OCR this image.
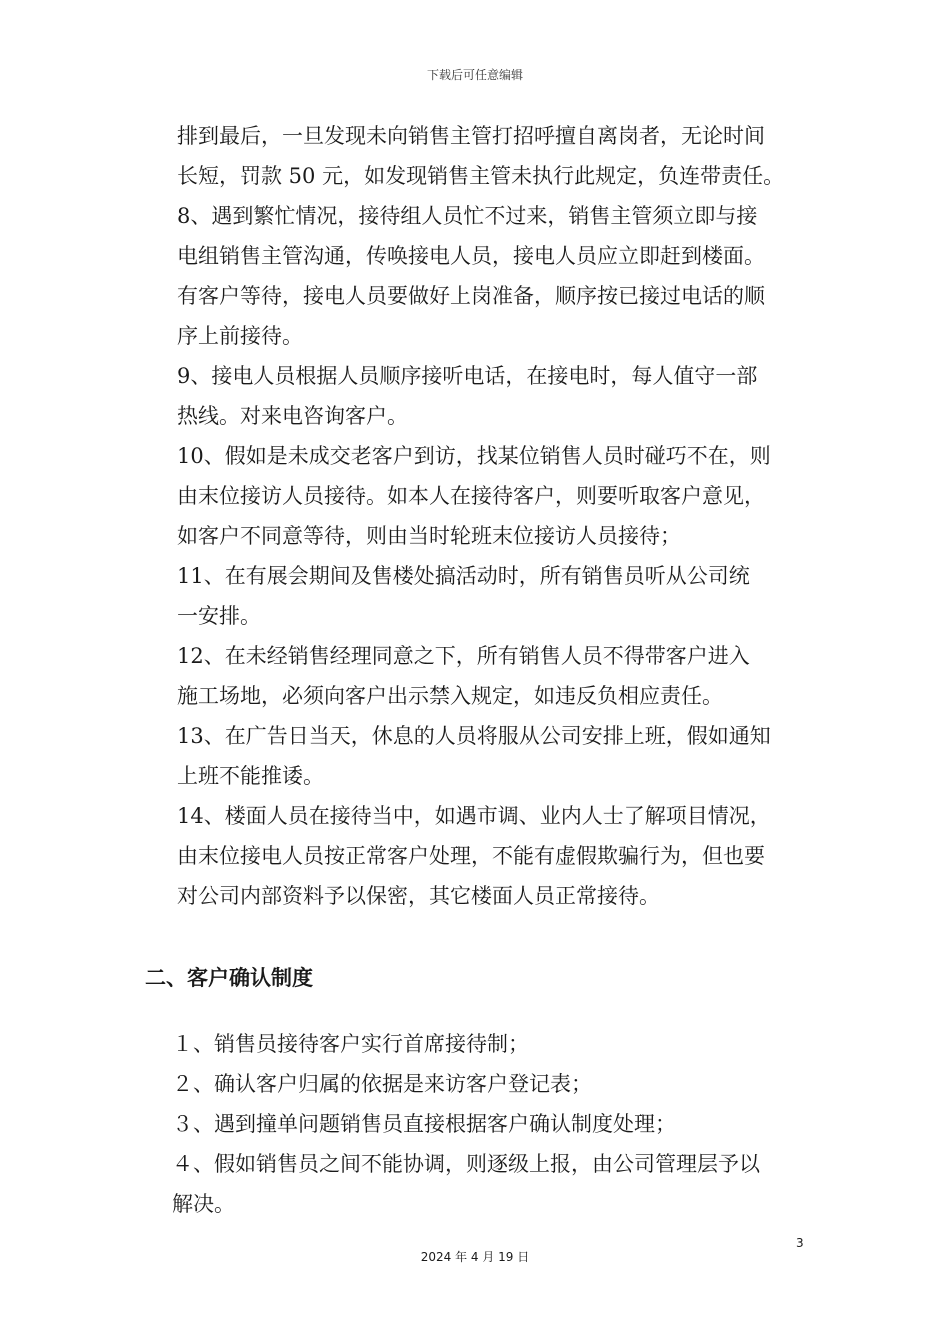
下载后可任意编辑

排到最后，一旦发现未向销售主管打招呼擅自离岗者，无论时间
长短，罚款 50 元，如发现销售主管未执行此规定，负连带责任。

8、遇到繁忙情况，接待组人员忙不过来，销售主管须立即与接
电组销售主管沟通，传唤接电人员，接电人员应立即赶到楼面。
有客户等待，接电人员要做好上岗准备，顺序按已接过电话的顺
序上前接待。

9、接电人员根据人员顺序接听电话，在接电时，每人值守一部
热线。对来电咨询客户。

10、假如是未成交老客户到访，找某位销售人员时碰巧不在，则
由末位接访人员接待。如本人在接待客户，则要听取客户意见，
如客户不同意等待，则由当时轮班末位接访人员接待；

11、在有展会期间及售楼处搞活动时，所有销售员听从公司统
一安排。

12、在未经销售经理同意之下，所有销售人员不得带客户进入
施工场地，必须向客户出示禁入规定，如违反负相应责任。

13、在广告日当天，休息的人员将服从公司安排上班，假如通知
上班不能推诿。

14、楼面人员在接待当中，如遇市调、业内人士了解项目情况，
由末位接电人员按正常客户处理，不能有虚假欺骗行为，但也要
对公司内部资料予以保密，其它楼面人员正常接待。

二、客户确认制度

１、销售员接待客户实行首席接待制；

２、确认客户归属的依据是来访客户登记表；

３、遇到撞单问题销售员直接根据客户确认制度处理；

４、假如销售员之间不能协调，则逐级上报，由公司管理层予以
解决。

3
2024 年 4 月 19 日
